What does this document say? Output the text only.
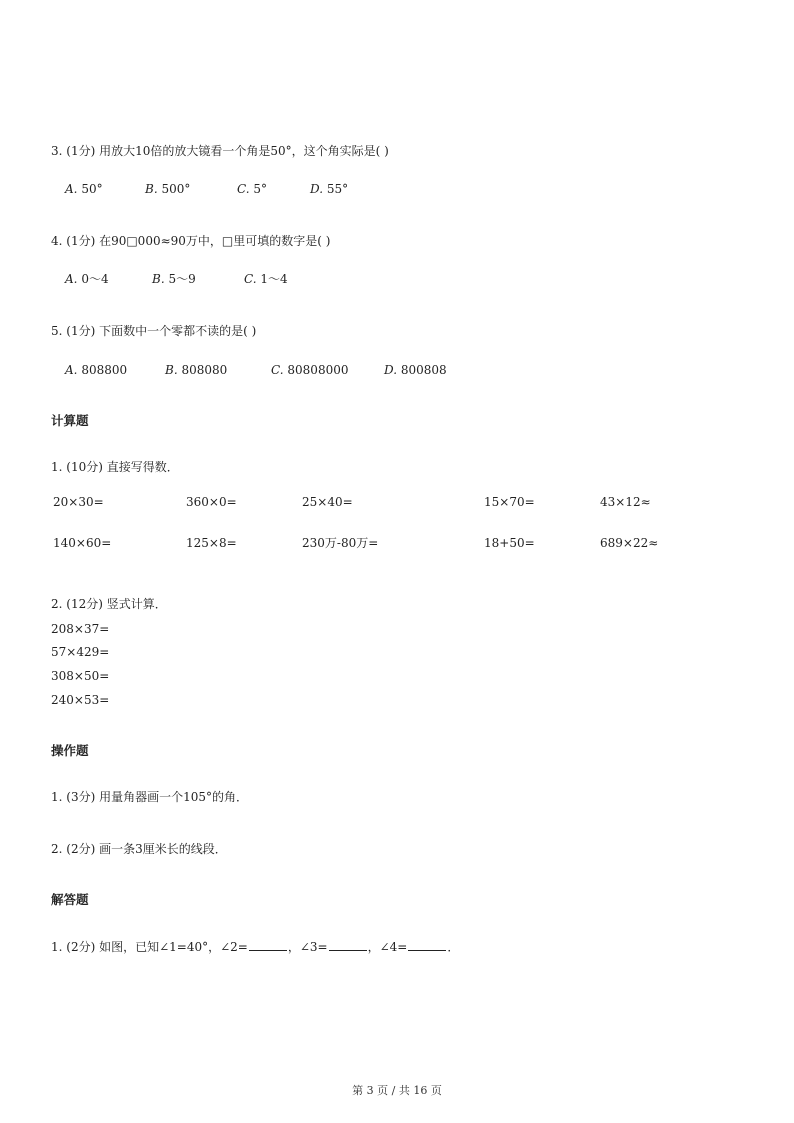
3. (1分) 用放大10倍的放大镜看一个角是50°，这个角实际是( )
A. 50°	B. 500°	C. 5°	D. 55°
4. (1分) 在90□000≈90万中，□里可填的数字是( )
A. 0～4	B. 5～9	C. 1～4
5. (1分) 下面数中一个零都不读的是( )
A. 808800	B. 808080	C. 80808000	D. 800808
计算题
1. (10分) 直接写得数．
20×30=	360×0=	25×40=	15×70=	43×12≈
140×60=	125×8=	230万-80万=	18+50=	689×22≈
2. (12分) 竖式计算．
208×37=
57×429=
308×50=
240×53=
操作题
1. (3分) 用量角器画一个105°的角．
2. (2分) 画一条3厘米长的线段．
解答题
1. (2分) 如图，已知∠1=40°，∠2=	，∠3=	，∠4=	．
第 3 页 / 共 16 页
